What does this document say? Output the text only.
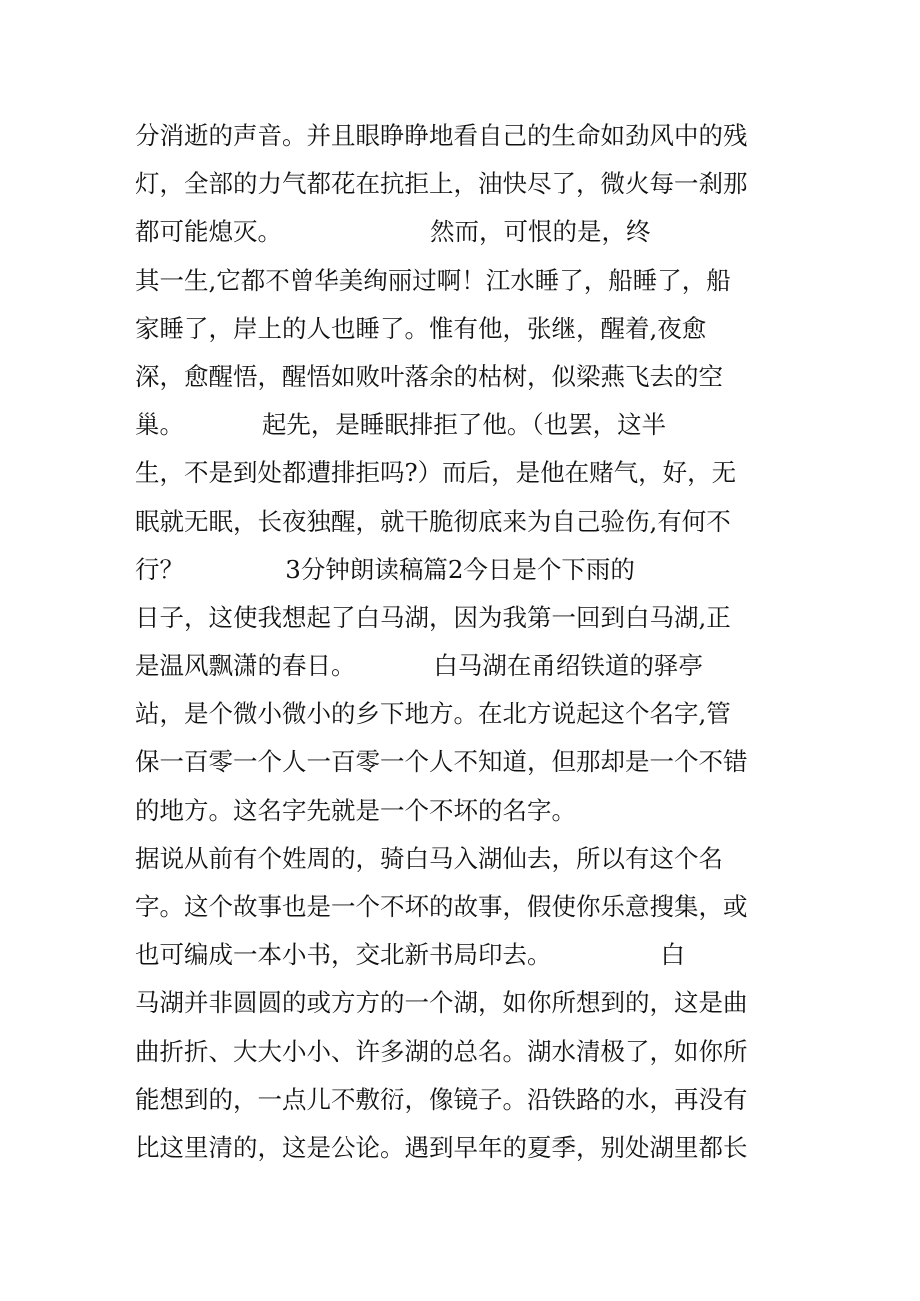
分消逝的声音。并且眼睁睁地看自己的生命如劲风中的残
灯，全部的力气都花在抗拒上，油快尽了，微火每一刹那
都可能熄灭。                   然而，可恨的是，终
其一生,它都不曾华美绚丽过啊！江水睡了，船睡了，船
家睡了，岸上的人也睡了。惟有他，张继，醒着,夜愈
深，愈醒悟，醒悟如败叶落余的枯树，似梁燕飞去的空
巢。          起先，是睡眠排拒了他。（也罢，这半
生，不是到处都遭排拒吗?）而后，是他在赌气，好，无
眠就无眠，长夜独醒，就干脆彻底来为自己验伤,有何不
行？             3分钟朗读稿篇2今日是个下雨的
日子，这使我想起了白马湖，因为我第一回到白马湖,正
是温风飘潇的春日。          白马湖在甬绍铁道的驿亭
站，是个微小微小的乡下地方。在北方说起这个名字,管
保一百零一个人一百零一个人不知道，但那却是一个不错
的地方。这名字先就是一个不坏的名字。
据说从前有个姓周的，骑白马入湖仙去，所以有这个名
字。这个故事也是一个不坏的故事，假使你乐意搜集，或
也可编成一本小书，交北新书局印去。              白
马湖并非圆圆的或方方的一个湖，如你所想到的，这是曲
曲折折、大大小小、许多湖的总名。湖水清极了，如你所
能想到的，一点儿不敷衍，像镜子。沿铁路的水，再没有
比这里清的，这是公论。遇到早年的夏季，别处湖里都长
